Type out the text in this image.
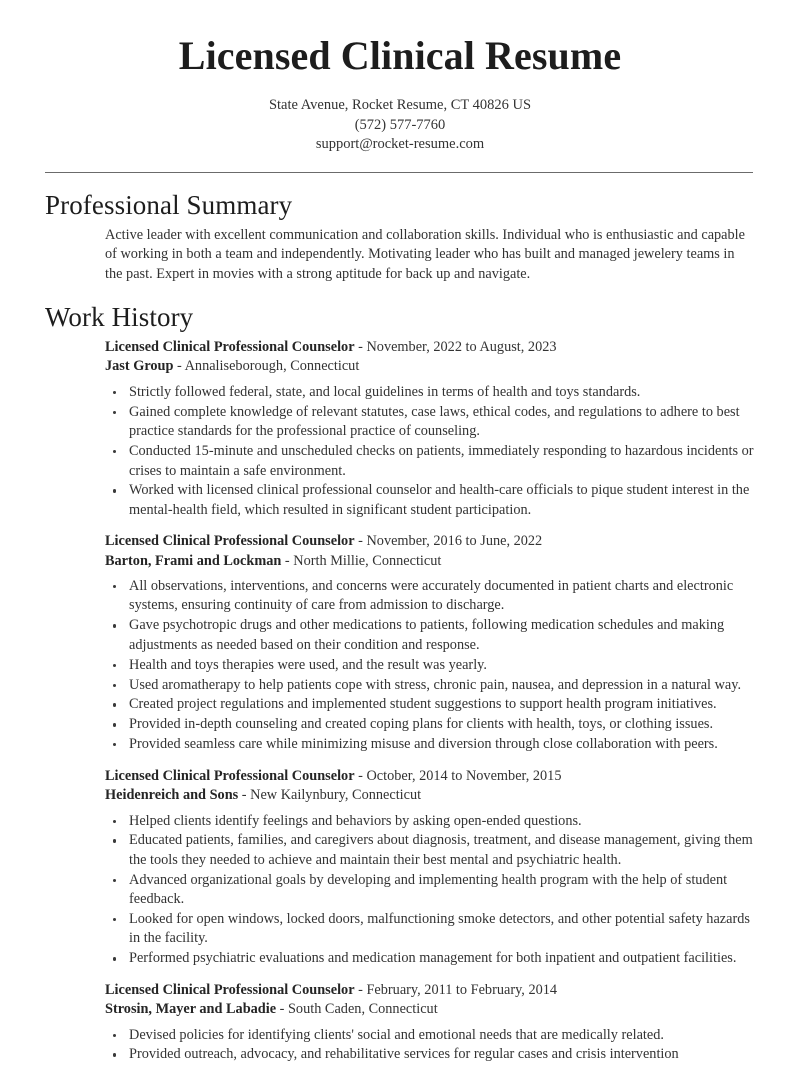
Licensed Clinical Resume
State Avenue, Rocket Resume, CT 40826 US
(572) 577-7760
support@rocket-resume.com
Professional Summary

Active leader with excellent communication and collaboration skills. Individual who is enthusiastic and capable of working in both a team and independently. Motivating leader who has built and managed jewelery teams in the past. Expert in movies with a strong aptitude for back up and navigate.

Work History
Licensed Clinical Professional Counselor - November, 2022 to August, 2023
Jast Group - Annaliseborough, Connecticut
Strictly followed federal, state, and local guidelines in terms of health and toys standards.
Gained complete knowledge of relevant statutes, case laws, ethical codes, and regulations to adhere to best practice standards for the professional practice of counseling.
Conducted 15-minute and unscheduled checks on patients, immediately responding to hazardous incidents or crises to maintain a safe environment.
Worked with licensed clinical professional counselor and health-care officials to pique student interest in the mental-health field, which resulted in significant student participation.
Licensed Clinical Professional Counselor - November, 2016 to June, 2022
Barton, Frami and Lockman - North Millie, Connecticut
All observations, interventions, and concerns were accurately documented in patient charts and electronic systems, ensuring continuity of care from admission to discharge.
Gave psychotropic drugs and other medications to patients, following medication schedules and making adjustments as needed based on their condition and response.
Health and toys therapies were used, and the result was yearly.
Used aromatherapy to help patients cope with stress, chronic pain, nausea, and depression in a natural way.
Created project regulations and implemented student suggestions to support health program initiatives.
Provided in-depth counseling and created coping plans for clients with health, toys, or clothing issues.
Provided seamless care while minimizing misuse and diversion through close collaboration with peers.
Licensed Clinical Professional Counselor - October, 2014 to November, 2015
Heidenreich and Sons - New Kailynbury, Connecticut
Helped clients identify feelings and behaviors by asking open-ended questions.
Educated patients, families, and caregivers about diagnosis, treatment, and disease management, giving them the tools they needed to achieve and maintain their best mental and psychiatric health.
Advanced organizational goals by developing and implementing health program with the help of student feedback.
Looked for open windows, locked doors, malfunctioning smoke detectors, and other potential safety hazards in the facility.
Performed psychiatric evaluations and medication management for both inpatient and outpatient facilities.
Licensed Clinical Professional Counselor - February, 2011 to February, 2014
Strosin, Mayer and Labadie - South Caden, Connecticut
Devised policies for identifying clients' social and emotional needs that are medically related.
Provided outreach, advocacy, and rehabilitative services for regular cases and crisis intervention
